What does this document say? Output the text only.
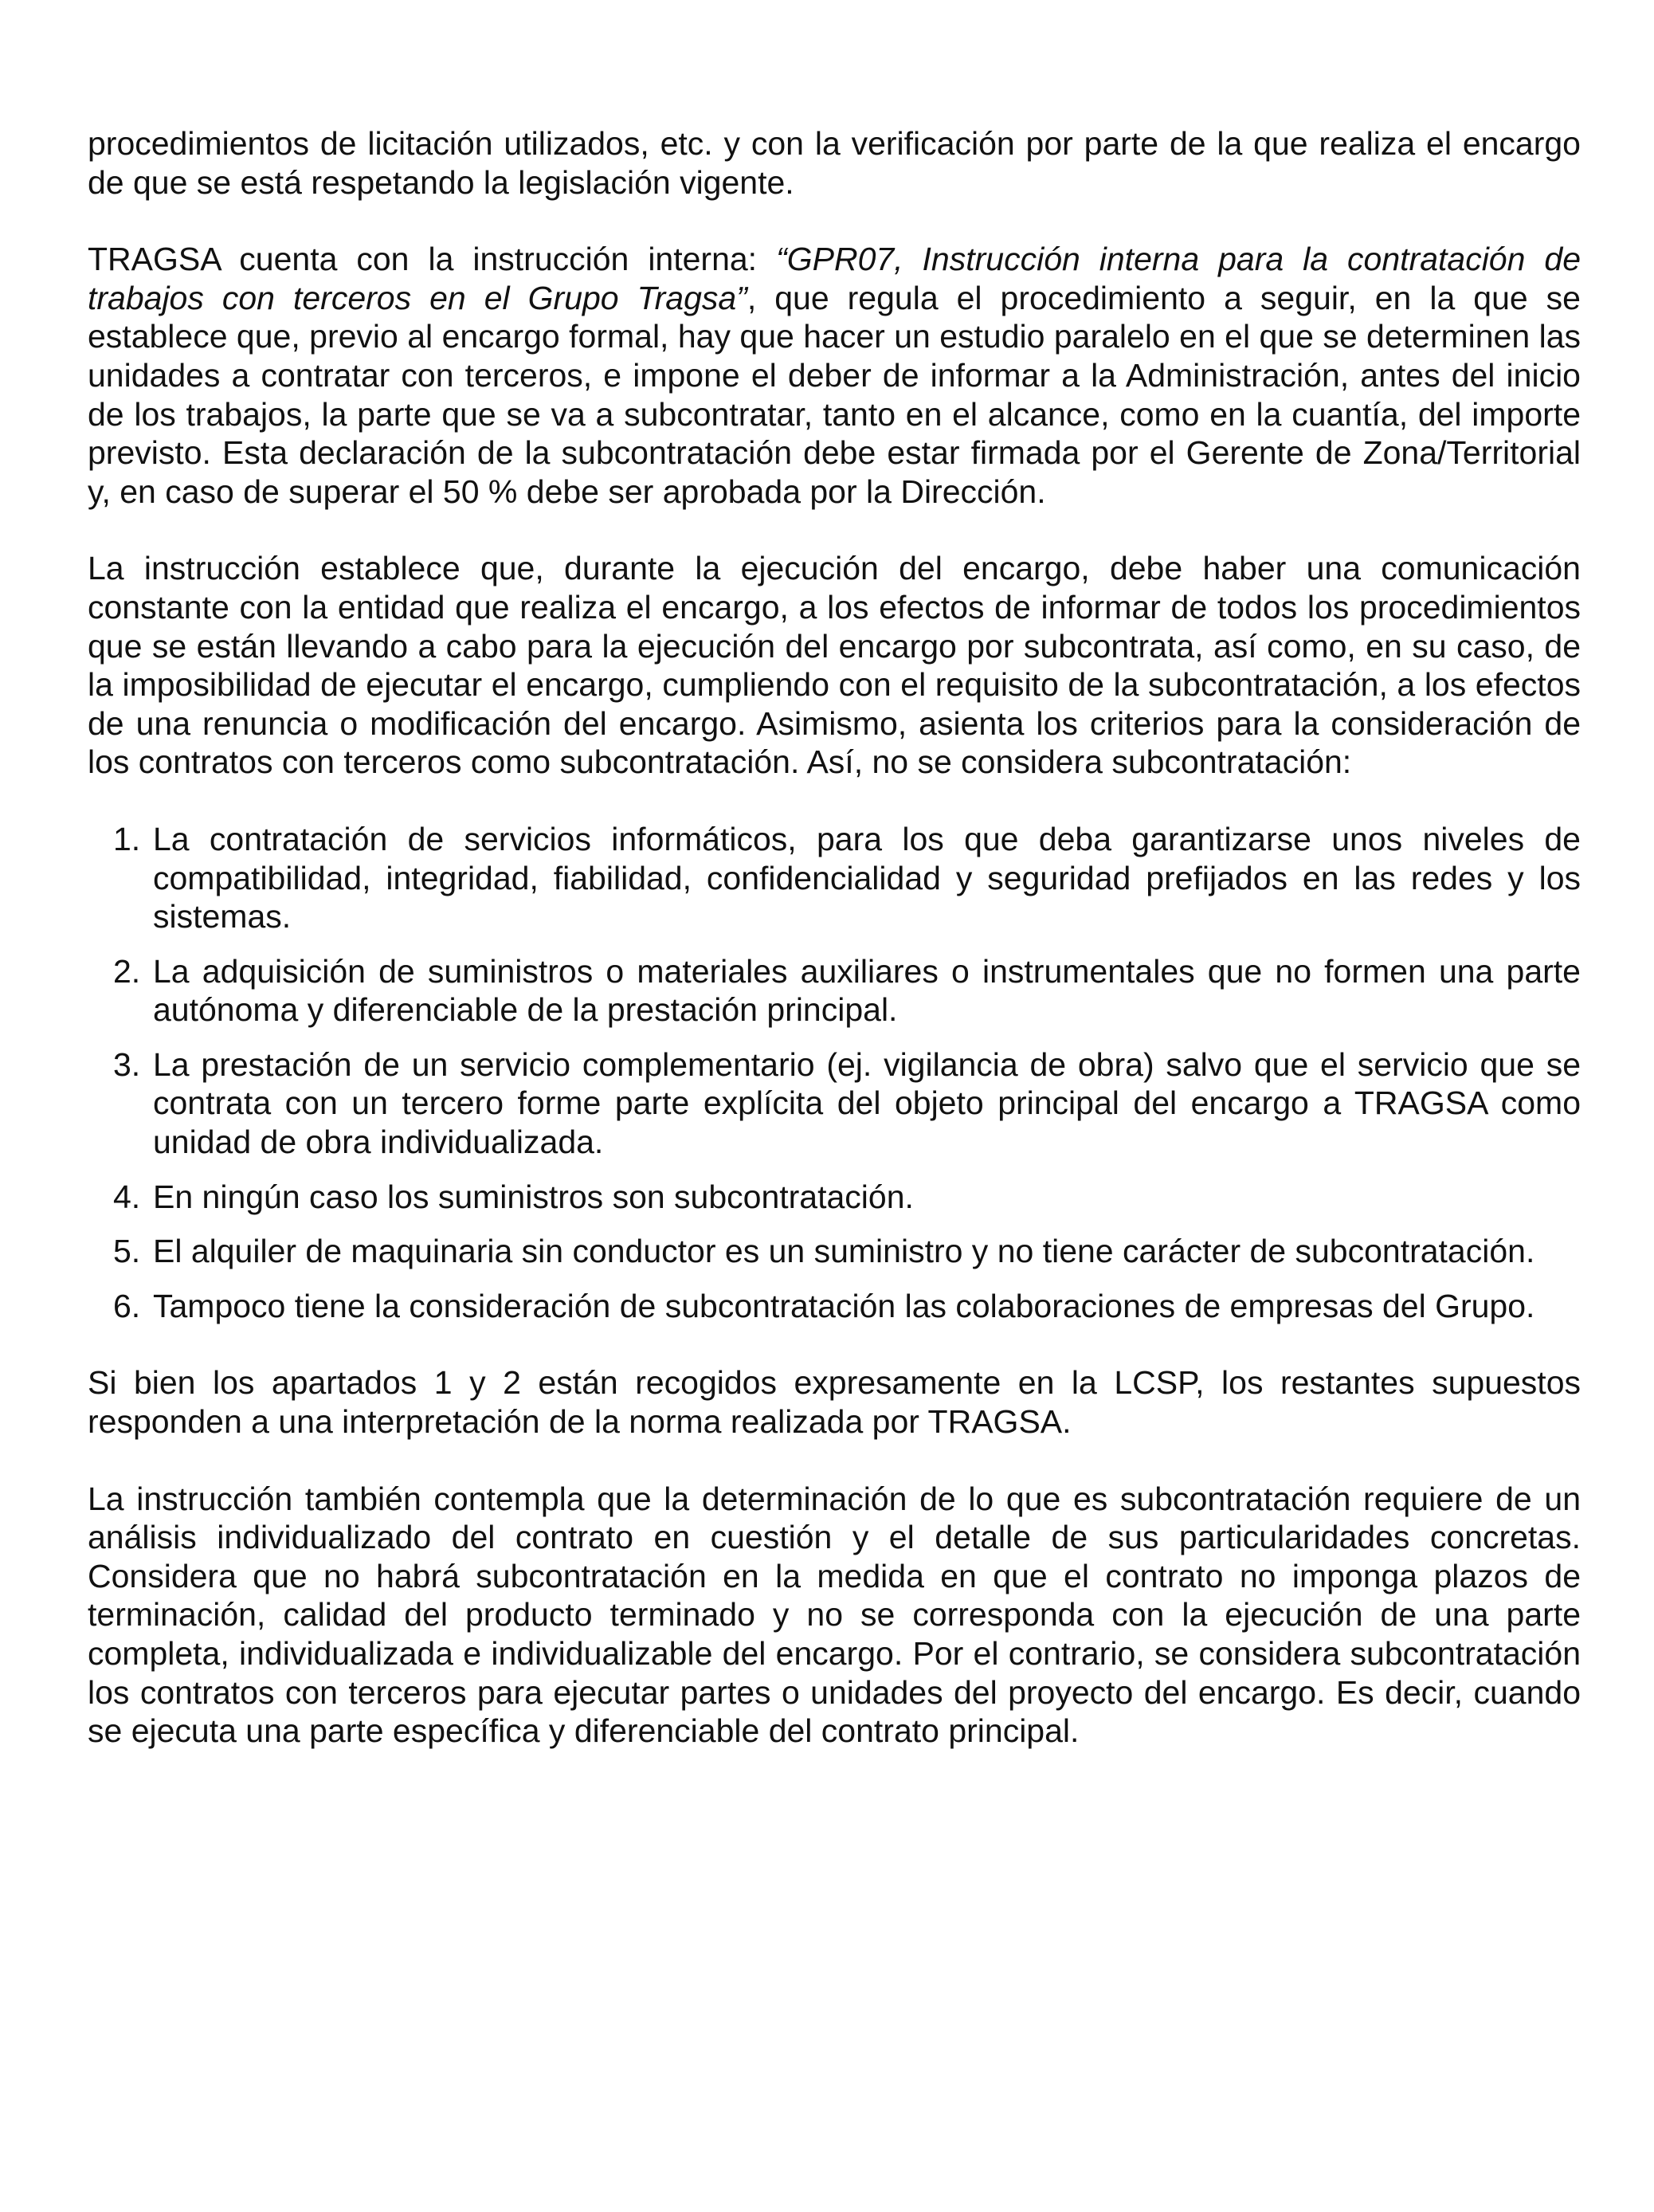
procedimientos de licitación utilizados, etc. y con la verificación por parte de la que realiza el encargo de que se está respetando la legislación vigente.

TRAGSA cuenta con la instrucción interna: “GPR07, Instrucción interna para la contratación de trabajos con terceros en el Grupo Tragsa”, que regula el procedimiento a seguir, en la que se establece que, previo al encargo formal, hay que hacer un estudio paralelo en el que se determinen las unidades a contratar con terceros, e impone el deber de informar a la Administración, antes del inicio de los trabajos, la parte que se va a subcontratar, tanto en el alcance, como en la cuantía, del importe previsto. Esta declaración de la subcontratación debe estar firmada por el Gerente de Zona/Territorial y, en caso de superar el 50 % debe ser aprobada por la Dirección.

La instrucción establece que, durante la ejecución del encargo, debe haber una comunicación constante con la entidad que realiza el encargo, a los efectos de informar de todos los procedimientos que se están llevando a cabo para la ejecución del encargo por subcontrata, así como, en su caso, de la imposibilidad de ejecutar el encargo, cumpliendo con el requisito de la subcontratación, a los efectos de una renuncia o modificación del encargo. Asimismo, asienta los criterios para la consideración de los contratos con terceros como subcontratación. Así, no se considera subcontratación:

1. La contratación de servicios informáticos, para los que deba garantizarse unos niveles de compatibilidad, integridad, fiabilidad, confidencialidad y seguridad prefijados en las redes y los sistemas.
2. La adquisición de suministros o materiales auxiliares o instrumentales que no formen una parte autónoma y diferenciable de la prestación principal.
3. La prestación de un servicio complementario (ej. vigilancia de obra) salvo que el servicio que se contrata con un tercero forme parte explícita del objeto principal del encargo a TRAGSA como unidad de obra individualizada.
4. En ningún caso los suministros son subcontratación.
5. El alquiler de maquinaria sin conductor es un suministro y no tiene carácter de subcontratación.
6. Tampoco tiene la consideración de subcontratación las colaboraciones de empresas del Grupo.

Si bien los apartados 1 y 2 están recogidos expresamente en la LCSP, los restantes supuestos responden a una interpretación de la norma realizada por TRAGSA.

La instrucción también contempla que la determinación de lo que es subcontratación requiere de un análisis individualizado del contrato en cuestión y el detalle de sus particularidades concretas. Considera que no habrá subcontratación en la medida en que el contrato no imponga plazos de terminación, calidad del producto terminado y no se corresponda con la ejecución de una parte completa, individualizada e individualizable del encargo. Por el contrario, se considera subcontratación los contratos con terceros para ejecutar partes o unidades del proyecto del encargo. Es decir, cuando se ejecuta una parte específica y diferenciable del contrato principal.
